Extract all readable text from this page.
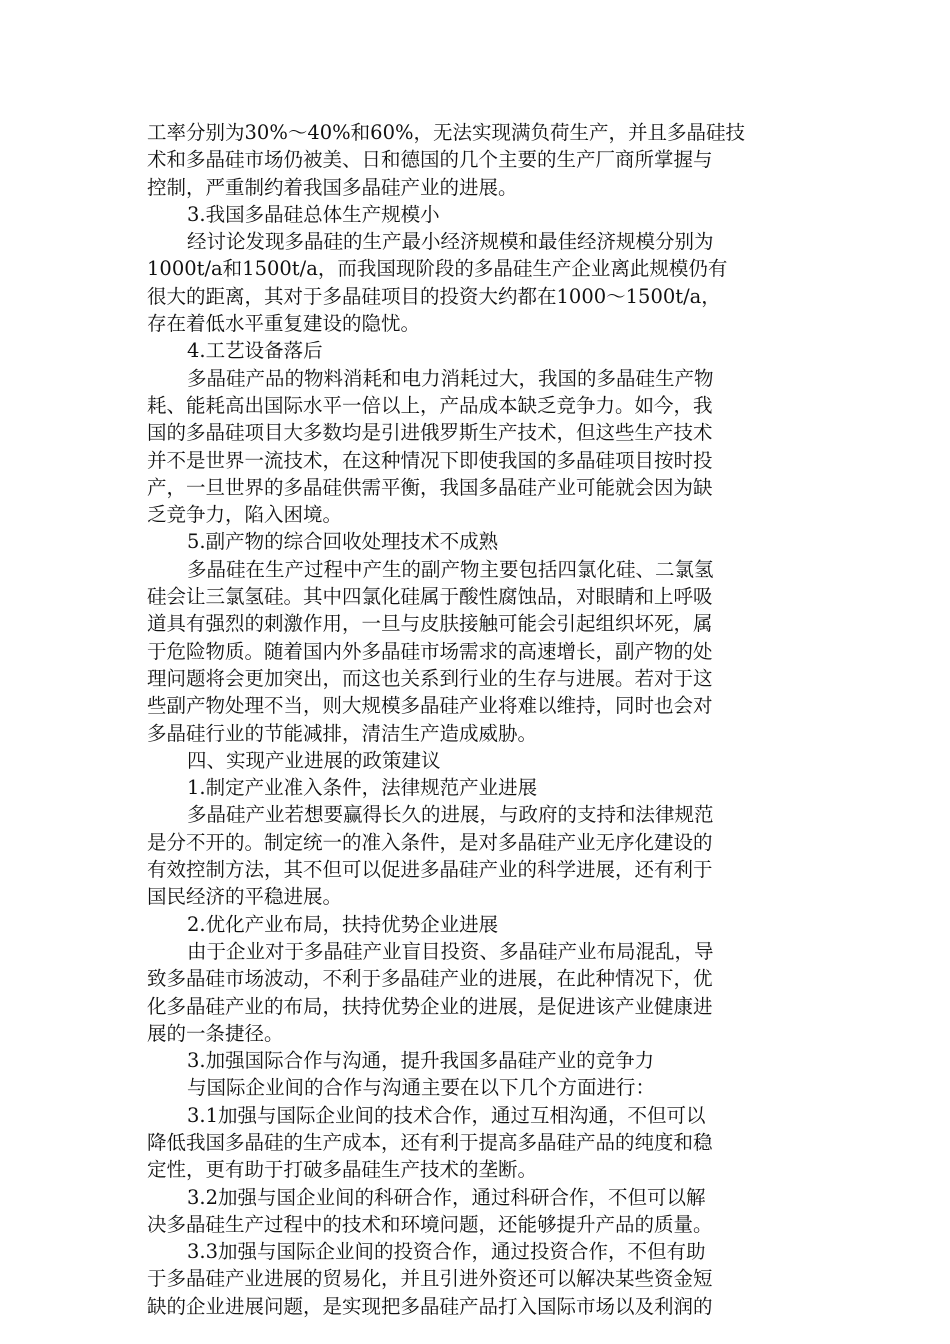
工率分别为30%～40%和60%，无法实现满负荷生产，并且多晶硅技
术和多晶硅市场仍被美、日和德国的几个主要的生产厂商所掌握与
控制，严重制约着我国多晶硅产业的进展。
3.我国多晶硅总体生产规模小
经讨论发现多晶硅的生产最小经济规模和最佳经济规模分别为
1000t/a和1500t/a，而我国现阶段的多晶硅生产企业离此规模仍有
很大的距离，其对于多晶硅项目的投资大约都在1000～1500t/a，
存在着低水平重复建设的隐忧。
4.工艺设备落后
多晶硅产品的物料消耗和电力消耗过大，我国的多晶硅生产物
耗、能耗高出国际水平一倍以上，产品成本缺乏竞争力。如今，我
国的多晶硅项目大多数均是引进俄罗斯生产技术，但这些生产技术
并不是世界一流技术，在这种情况下即使我国的多晶硅项目按时投
产，一旦世界的多晶硅供需平衡，我国多晶硅产业可能就会因为缺
乏竞争力，陷入困境。
5.副产物的综合回收处理技术不成熟
多晶硅在生产过程中产生的副产物主要包括四氯化硅、二氯氢
硅会让三氯氢硅。其中四氯化硅属于酸性腐蚀品，对眼睛和上呼吸
道具有强烈的刺激作用，一旦与皮肤接触可能会引起组织坏死，属
于危险物质。随着国内外多晶硅市场需求的高速增长，副产物的处
理问题将会更加突出，而这也关系到行业的生存与进展。若对于这
些副产物处理不当，则大规模多晶硅产业将难以维持，同时也会对
多晶硅行业的节能减排，清洁生产造成威胁。
四、实现产业进展的政策建议
1.制定产业准入条件，法律规范产业进展
多晶硅产业若想要赢得长久的进展，与政府的支持和法律规范
是分不开的。制定统一的准入条件，是对多晶硅产业无序化建设的
有效控制方法，其不但可以促进多晶硅产业的科学进展，还有利于
国民经济的平稳进展。
2.优化产业布局，扶持优势企业进展
由于企业对于多晶硅产业盲目投资、多晶硅产业布局混乱，导
致多晶硅市场波动，不利于多晶硅产业的进展，在此种情况下，优
化多晶硅产业的布局，扶持优势企业的进展，是促进该产业健康进
展的一条捷径。
3.加强国际合作与沟通，提升我国多晶硅产业的竞争力
与国际企业间的合作与沟通主要在以下几个方面进行：
3.1加强与国际企业间的技术合作，通过互相沟通，不但可以
降低我国多晶硅的生产成本，还有利于提高多晶硅产品的纯度和稳
定性，更有助于打破多晶硅生产技术的垄断。
3.2加强与国企业间的科研合作，通过科研合作，不但可以解
决多晶硅生产过程中的技术和环境问题，还能够提升产品的质量。
3.3加强与国际企业间的投资合作，通过投资合作，不但有助
于多晶硅产业进展的贸易化，并且引进外资还可以解决某些资金短
缺的企业进展问题，是实现把多晶硅产品打入国际市场以及利润的
